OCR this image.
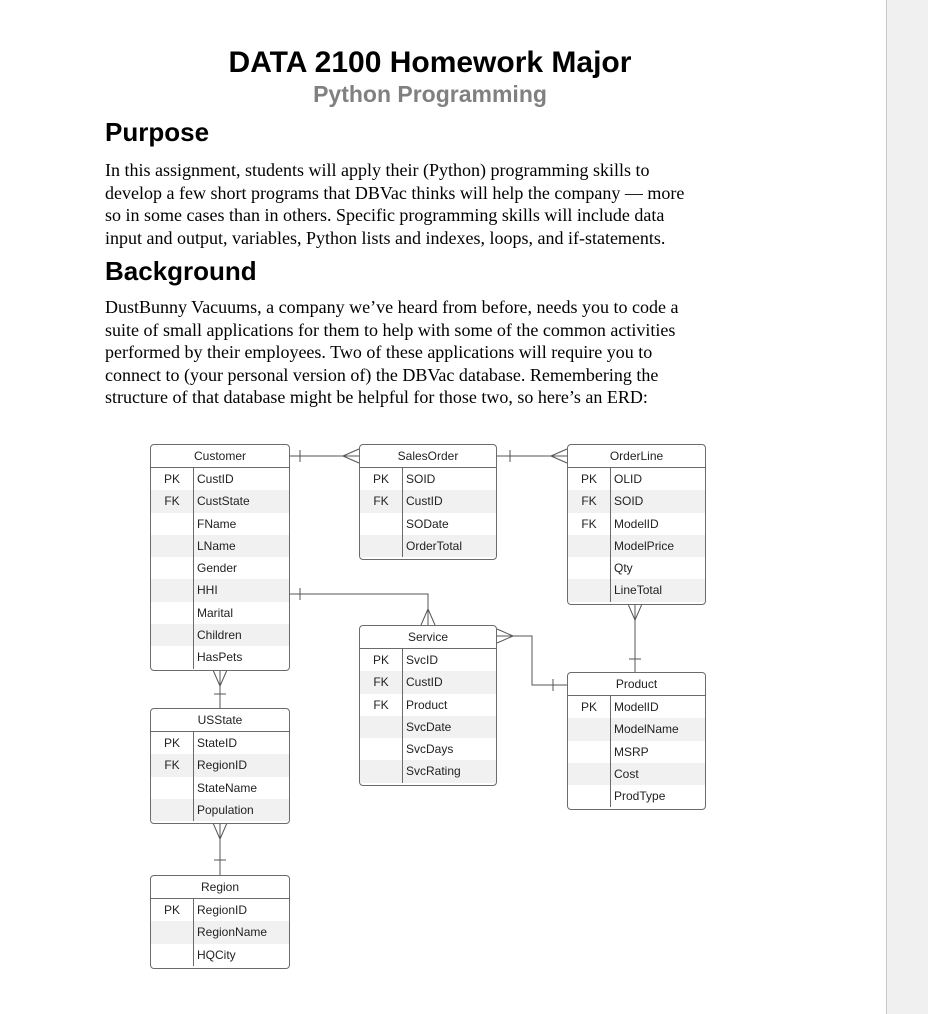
DATA 2100 Homework Major
Python Programming
Purpose

In this assignment, students will apply their (Python) programming skills to
develop a few short programs that DBVac thinks will help the company — more
so in some cases than in others. Specific programming skills will include data
input and output, variables, Python lists and indexes, loops, and if-statements.

Background

DustBunny Vacuums, a company we’ve heard from before, needs you to code a
suite of small applications for them to help with some of the common activities
performed by their employees. Two of these applications will require you to
connect to (your personal version of) the DBVac database. Remembering the
structure of that database might be helpful for those two, so here’s an ERD:

Customer
PK	CustID
FK	CustState
FName
LName
Gender
HHI
Marital
Children
HasPets
SalesOrder
PK	SOID
FK	CustID
SODate
OrderTotal
OrderLine
PK	OLID
FK	SOID
FK	ModelID
ModelPrice
Qty
LineTotal
Service
PK	SvcID
FK	CustID
FK	Product
SvcDate
SvcDays
SvcRating
Product
PK	ModelID
ModelName
MSRP
Cost
ProdType
USState
PK	StateID
FK	RegionID
StateName
Population
Region
PK	RegionID
RegionName
HQCity
